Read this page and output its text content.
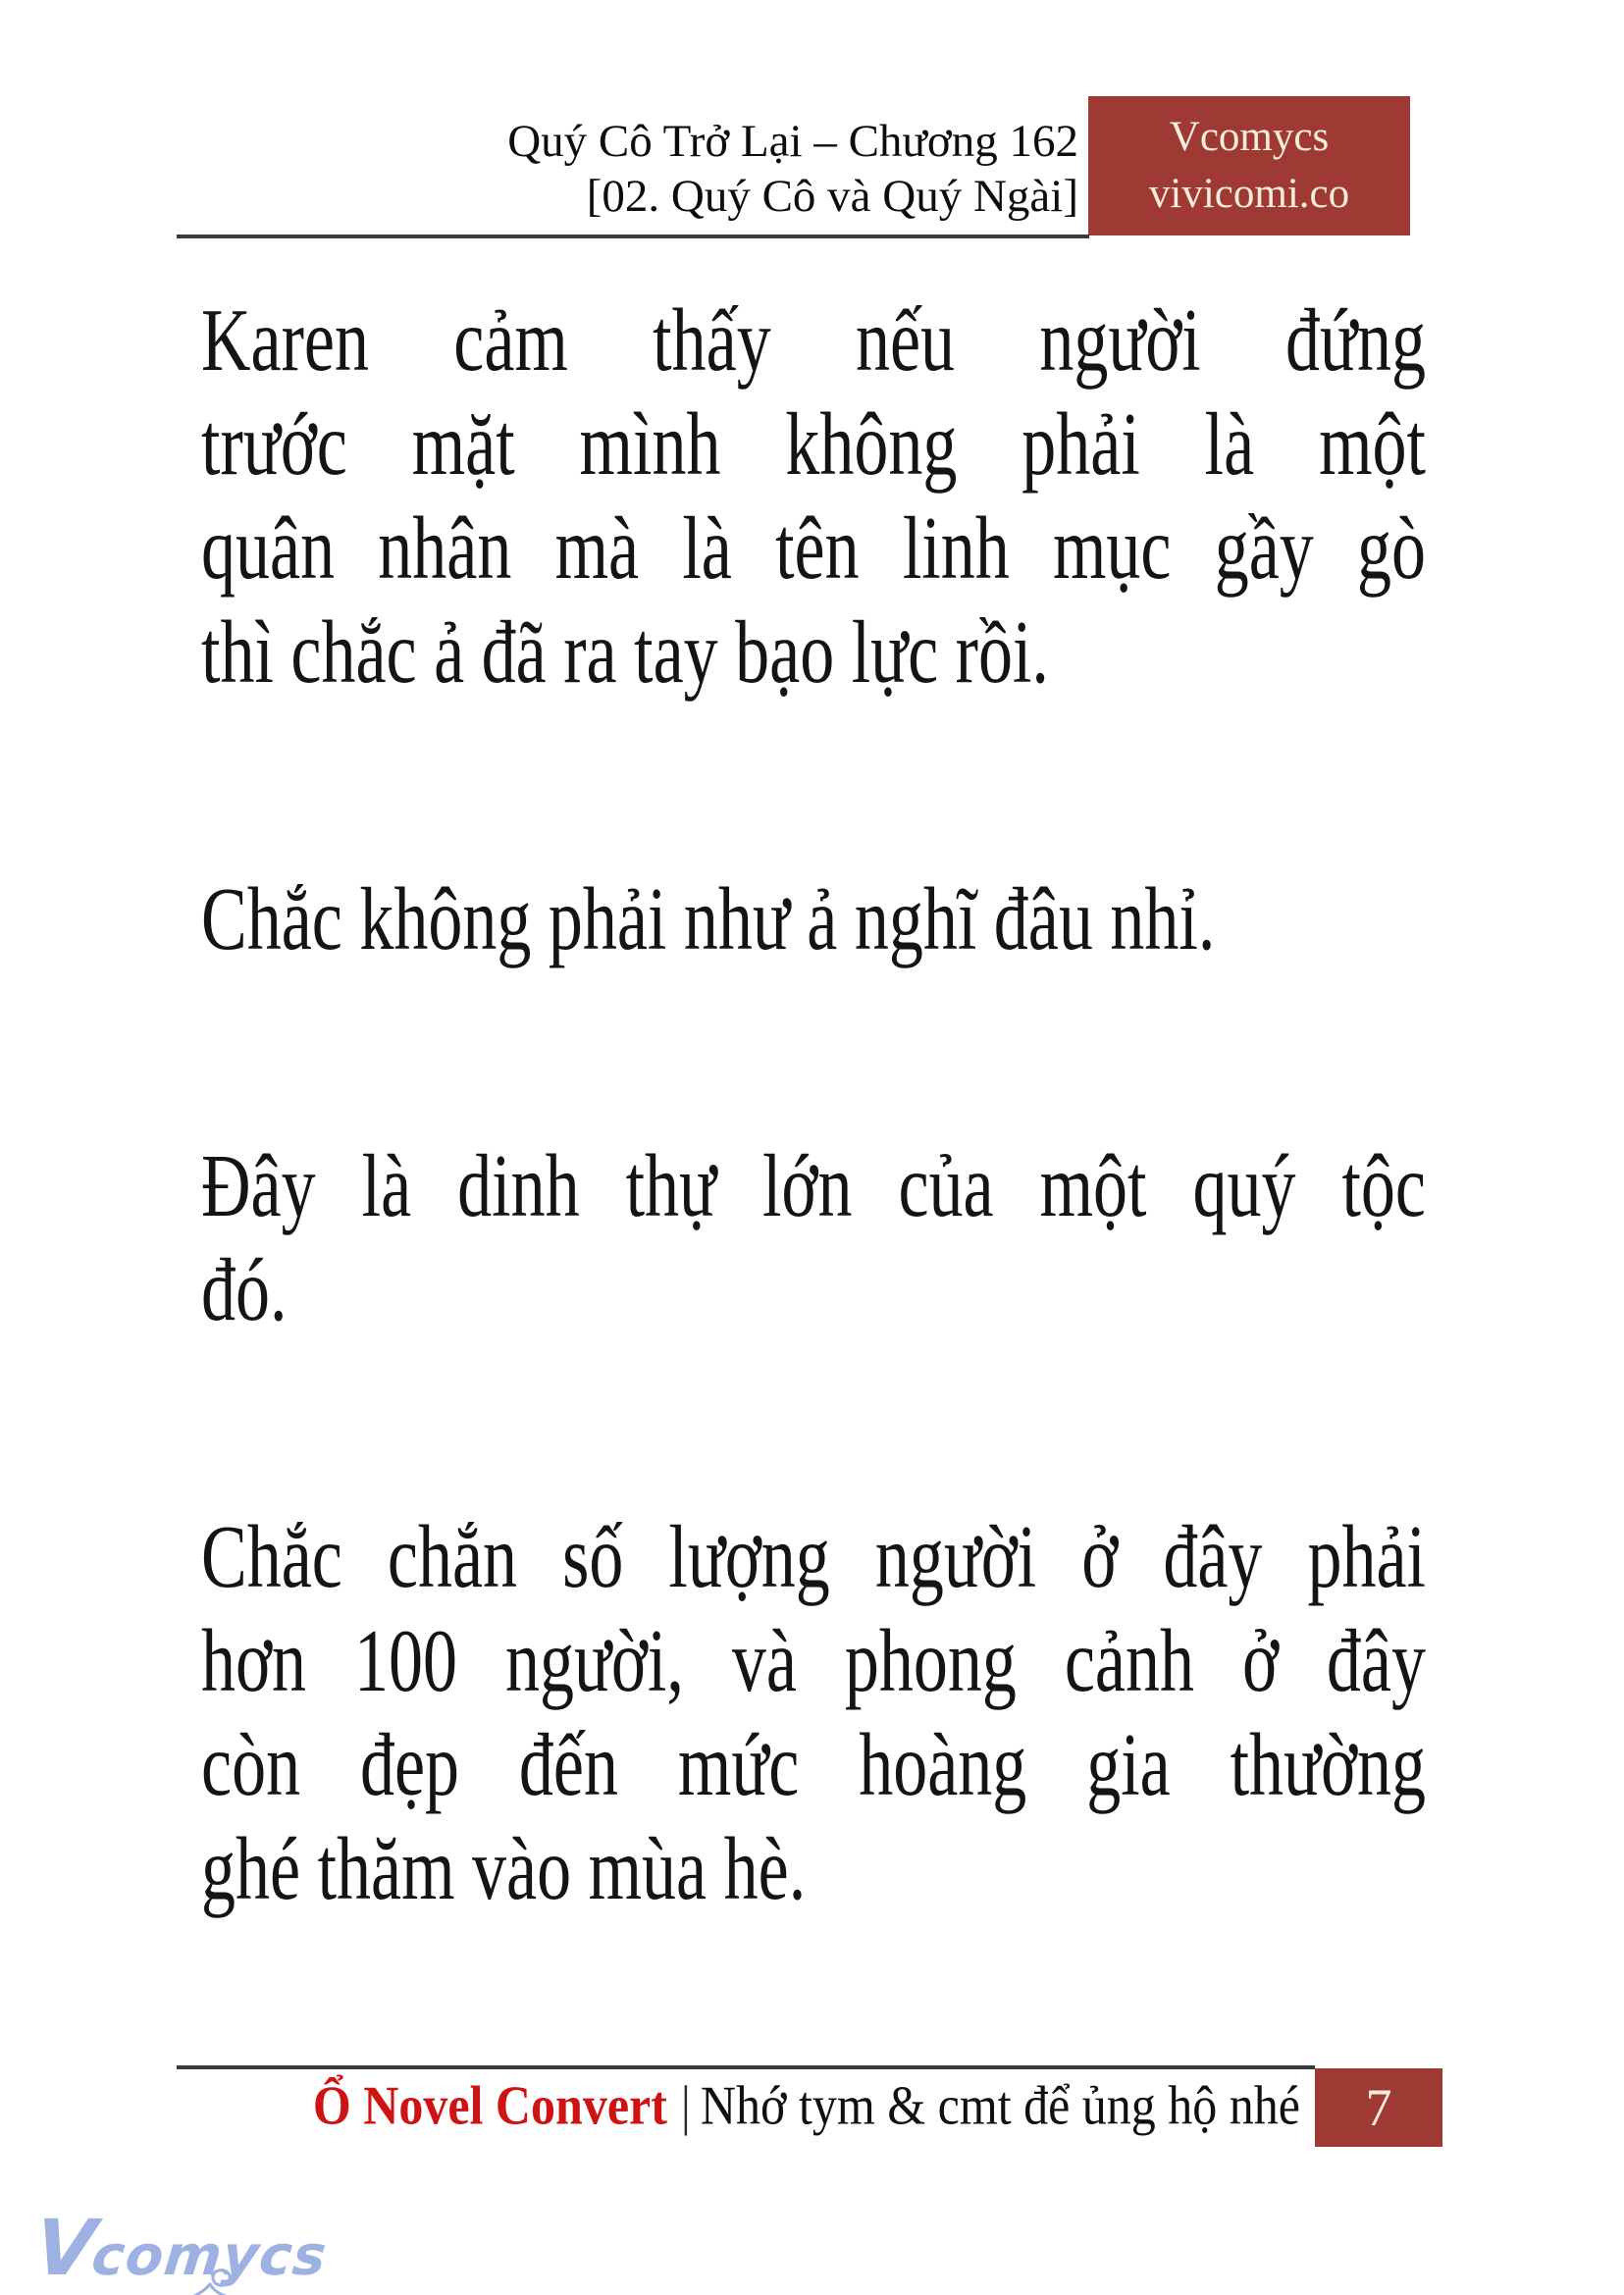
Quý Cô Trở Lại – Chương 162
[02. Quý Cô và Quý Ngài]
Vcomycs
vivicomi.co
Karen cảm thấy nếu người đứng
trước mặt mình không phải là một
quân nhân mà là tên linh mục gầy gò
thì chắc ả đã ra tay bạo lực rồi.
Chắc không phải như ả nghĩ đâu nhỉ.
Đây là dinh thự lớn của một quý tộc
đó.
Chắc chắn số lượng người ở đây phải
hơn 100 người, và phong cảnh ở đây
còn đẹp đến mức hoàng gia thường
ghé thăm vào mùa hè.
Ổ Novel Convert | Nhớ tym & cmt để ủng hộ nhé 7
Vcomycs
